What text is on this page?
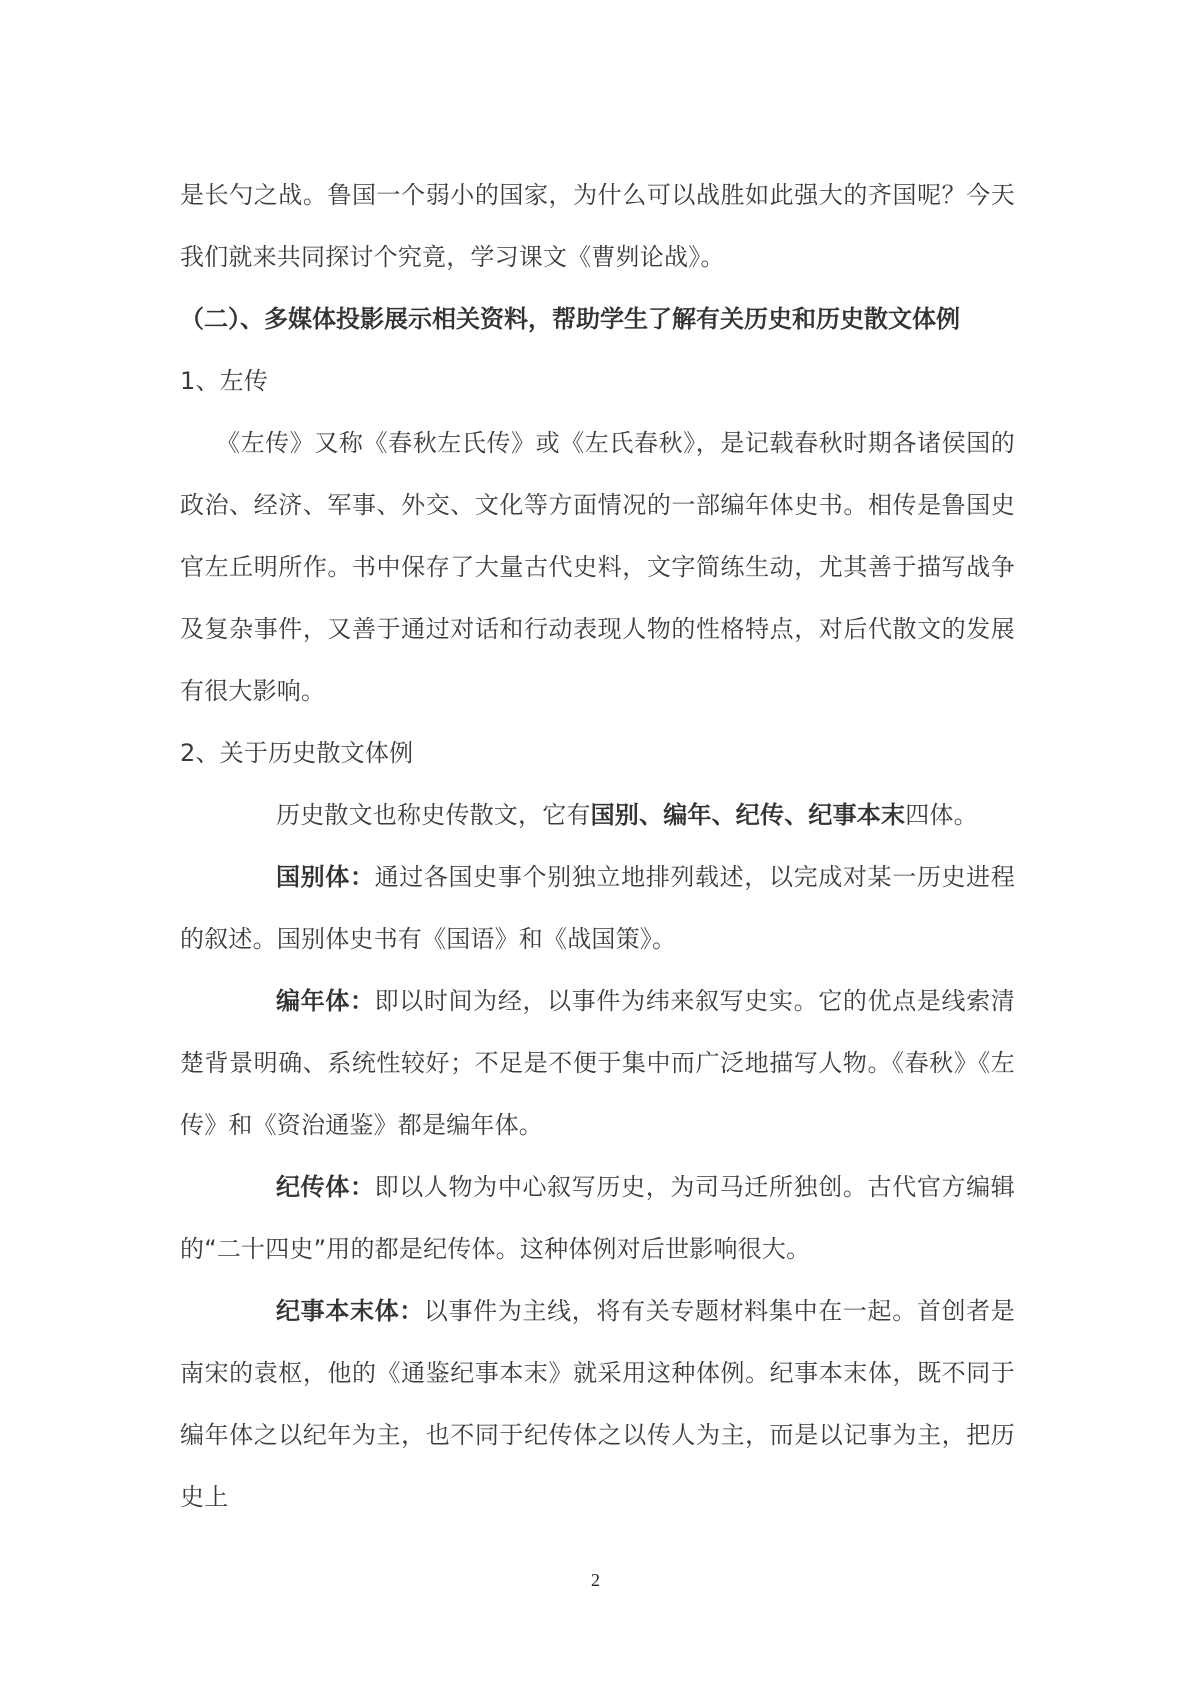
是长勺之战。鲁国一个弱小的国家，为什么可以战胜如此强大的齐国呢？今天我们就来共同探讨个究竟，学习课文《曹刿论战》。

（二）、多媒体投影展示相关资料，帮助学生了解有关历史和历史散文体例

1、左传

《左传》又称《春秋左氏传》或《左氏春秋》，是记载春秋时期各诸侯国的政治、经济、军事、外交、文化等方面情况的一部编年体史书。相传是鲁国史官左丘明所作。书中保存了大量古代史料，文字简练生动，尤其善于描写战争及复杂事件，又善于通过对话和行动表现人物的性格特点，对后代散文的发展有很大影响。

2、关于历史散文体例

历史散文也称史传散文，它有国别、编年、纪传、纪事本末四体。

国别体：通过各国史事个别独立地排列载述，以完成对某一历史进程的叙述。国别体史书有《国语》和《战国策》。

编年体：即以时间为经，以事件为纬来叙写史实。它的优点是线索清楚背景明确、系统性较好；不足是不便于集中而广泛地描写人物。《春秋》《左传》和《资治通鉴》都是编年体。

纪传体：即以人物为中心叙写历史，为司马迁所独创。古代官方编辑的“二十四史”用的都是纪传体。这种体例对后世影响很大。

纪事本末体：以事件为主线，将有关专题材料集中在一起。首创者是南宋的袁枢，他的《通鉴纪事本末》就采用这种体例。纪事本末体，既不同于编年体之以纪年为主，也不同于纪传体之以传人为主，而是以记事为主，把历史上

2
